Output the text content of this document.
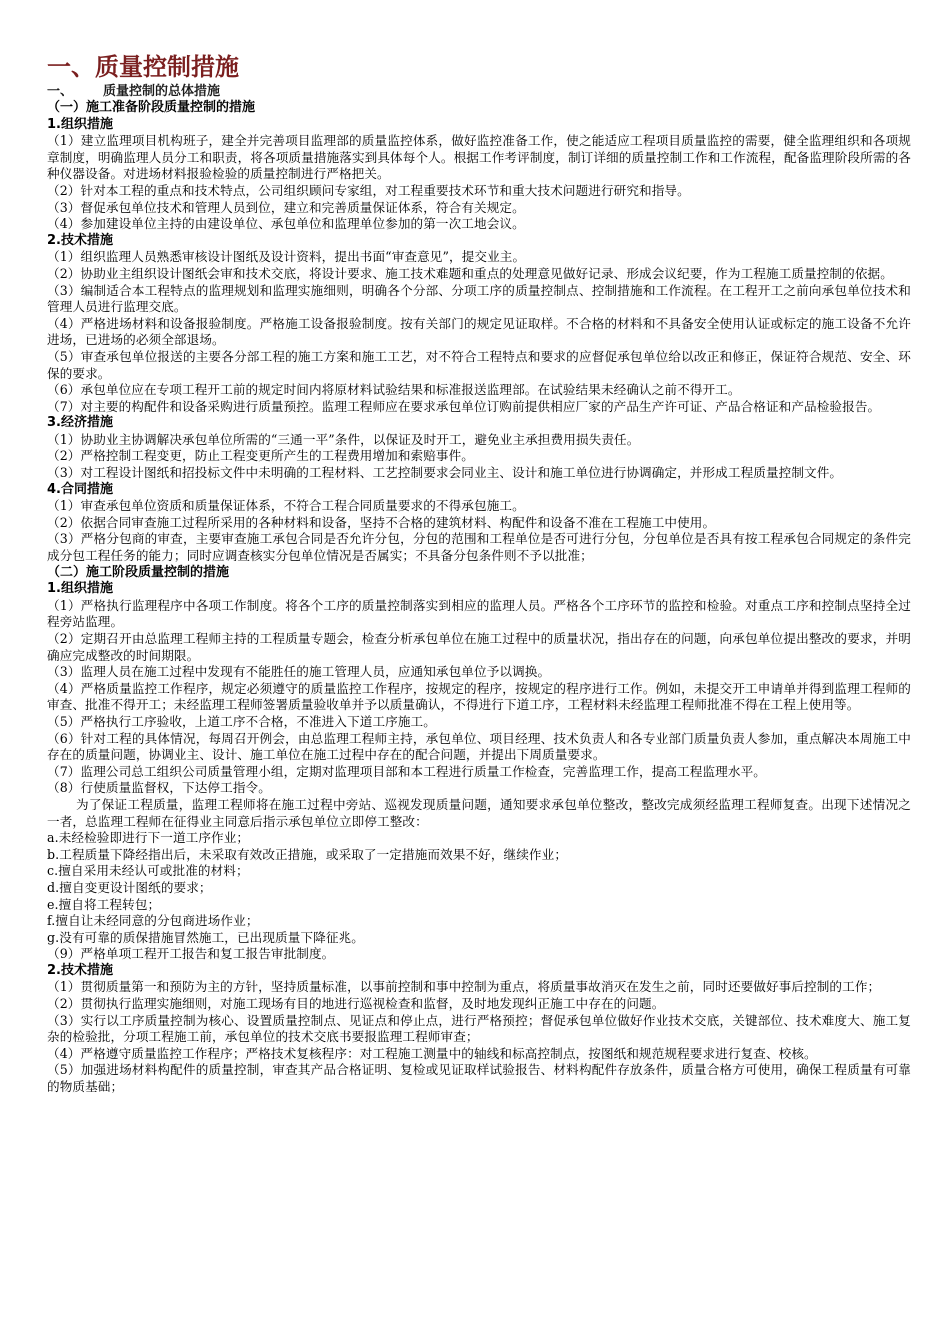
一、质量控制措施
一、 质量控制的总体措施
（一）施工准备阶段质量控制的措施
1.组织措施
（1）建立监理项目机构班子，建全并完善项目监理部的质量监控体系，做好监控准备工作，使之能适应工程项目质量监控的需要，健全监理组织和各项规章制度，明确监理人员分工和职责，将各项质量措施落实到具体每个人。根据工作考评制度，制订详细的质量控制工作和工作流程，配备监理阶段所需的各种仪器设备。对进场材料报验检验的质量控制进行严格把关。
（2）针对本工程的重点和技术特点，公司组织顾问专家组，对工程重要技术环节和重大技术问题进行研究和指导。
（3）督促承包单位技术和管理人员到位，建立和完善质量保证体系，符合有关规定。
（4）参加建设单位主持的由建设单位、承包单位和监理单位参加的第一次工地会议。
2.技术措施
（1）组织监理人员熟悉审核设计图纸及设计资料，提出书面“审查意见”，提交业主。
（2）协助业主组织设计图纸会审和技术交底，将设计要求、施工技术难题和重点的处理意见做好记录、形成会议纪要，作为工程施工质量控制的依据。
（3）编制适合本工程特点的监理规划和监理实施细则，明确各个分部、分项工序的质量控制点、控制措施和工作流程。在工程开工之前向承包单位技术和管理人员进行监理交底。
（4）严格进场材料和设备报验制度。严格施工设备报验制度。按有关部门的规定见证取样。不合格的材料和不具备安全使用认证或标定的施工设备不允许进场，已进场的必须全部退场。
（5）审查承包单位报送的主要各分部工程的施工方案和施工工艺，对不符合工程特点和要求的应督促承包单位给以改正和修正，保证符合规范、安全、环保的要求。
（6）承包单位应在专项工程开工前的规定时间内将原材料试验结果和标准报送监理部。在试验结果未经确认之前不得开工。
（7）对主要的构配件和设备采购进行质量预控。监理工程师应在要求承包单位订购前提供相应厂家的产品生产许可证、产品合格证和产品检验报告。
3.经济措施
（1）协助业主协调解决承包单位所需的“三通一平”条件，以保证及时开工，避免业主承担费用损失责任。
（2）严格控制工程变更，防止工程变更所产生的工程费用增加和索赔事件。
（3）对工程设计图纸和招投标文件中未明确的工程材料、工艺控制要求会同业主、设计和施工单位进行协调确定，并形成工程质量控制文件。
4.合同措施
（1）审查承包单位资质和质量保证体系，不符合工程合同质量要求的不得承包施工。
（2）依据合同审查施工过程所采用的各种材料和设备，坚持不合格的建筑材料、构配件和设备不准在工程施工中使用。
（3）严格分包商的审查，主要审查施工承包合同是否允许分包，分包的范围和工程单位是否可进行分包，分包单位是否具有按工程承包合同规定的条件完成分包工程任务的能力；同时应调查核实分包单位情况是否属实；不具备分包条件则不予以批准；
（二）施工阶段质量控制的措施
1.组织措施
（1）严格执行监理程序中各项工作制度。将各个工序的质量控制落实到相应的监理人员。严格各个工序环节的监控和检验。对重点工序和控制点坚持全过程旁站监理。
（2）定期召开由总监理工程师主持的工程质量专题会，检查分析承包单位在施工过程中的质量状况，指出存在的问题，向承包单位提出整改的要求，并明确应完成整改的时间期限。
（3）监理人员在施工过程中发现有不能胜任的施工管理人员，应通知承包单位予以调换。
（4）严格质量监控工作程序，规定必须遵守的质量监控工作程序，按规定的程序，按规定的程序进行工作。例如，未提交开工申请单并得到监理工程师的审查、批准不得开工；未经监理工程师签署质量验收单并予以质量确认，不得进行下道工序，工程材料未经监理工程师批准不得在工程上使用等。
（5）严格执行工序验收，上道工序不合格，不准进入下道工序施工。
（6）针对工程的具体情况，每周召开例会，由总监理工程师主持，承包单位、项目经理、技术负责人和各专业部门质量负责人参加，重点解决本周施工中存在的质量问题，协调业主、设计、施工单位在施工过程中存在的配合问题，并提出下周质量要求。
（7）监理公司总工组织公司质量管理小组，定期对监理项目部和本工程进行质量工作检查，完善监理工作，提高工程监理水平。
（8）行使质量监督权，下达停工指令。
为了保证工程质量，监理工程师将在施工过程中旁站、巡视发现质量问题，通知要求承包单位整改，整改完成须经监理工程师复查。出现下述情况之一者，总监理工程师在征得业主同意后指示承包单位立即停工整改：
a.未经检验即进行下一道工序作业；
b.工程质量下降经指出后，未采取有效改正措施，或采取了一定措施而效果不好，继续作业；
c.擅自采用未经认可或批准的材料；
d.擅自变更设计图纸的要求；
e.擅自将工程转包；
f.擅自让未经同意的分包商进场作业；
g.没有可靠的质保措施冒然施工，已出现质量下降征兆。
（9）严格单项工程开工报告和复工报告审批制度。
2.技术措施
（1）贯彻质量第一和预防为主的方针，坚持质量标准，以事前控制和事中控制为重点，将质量事故消灭在发生之前，同时还要做好事后控制的工作；
（2）贯彻执行监理实施细则，对施工现场有目的地进行巡视检查和监督，及时地发现纠正施工中存在的问题。
（3）实行以工序质量控制为核心、设置质量控制点、见证点和停止点，进行严格预控；督促承包单位做好作业技术交底，关键部位、技术难度大、施工复杂的检验批，分项工程施工前，承包单位的技术交底书要报监理工程师审查；
（4）严格遵守质量监控工作程序；严格技术复核程序：对工程施工测量中的轴线和标高控制点，按图纸和规范规程要求进行复查、校核。
（5）加强进场材料构配件的质量控制，审查其产品合格证明、复检或见证取样试验报告、材料构配件存放条件，质量合格方可使用，确保工程质量有可靠的物质基础；
